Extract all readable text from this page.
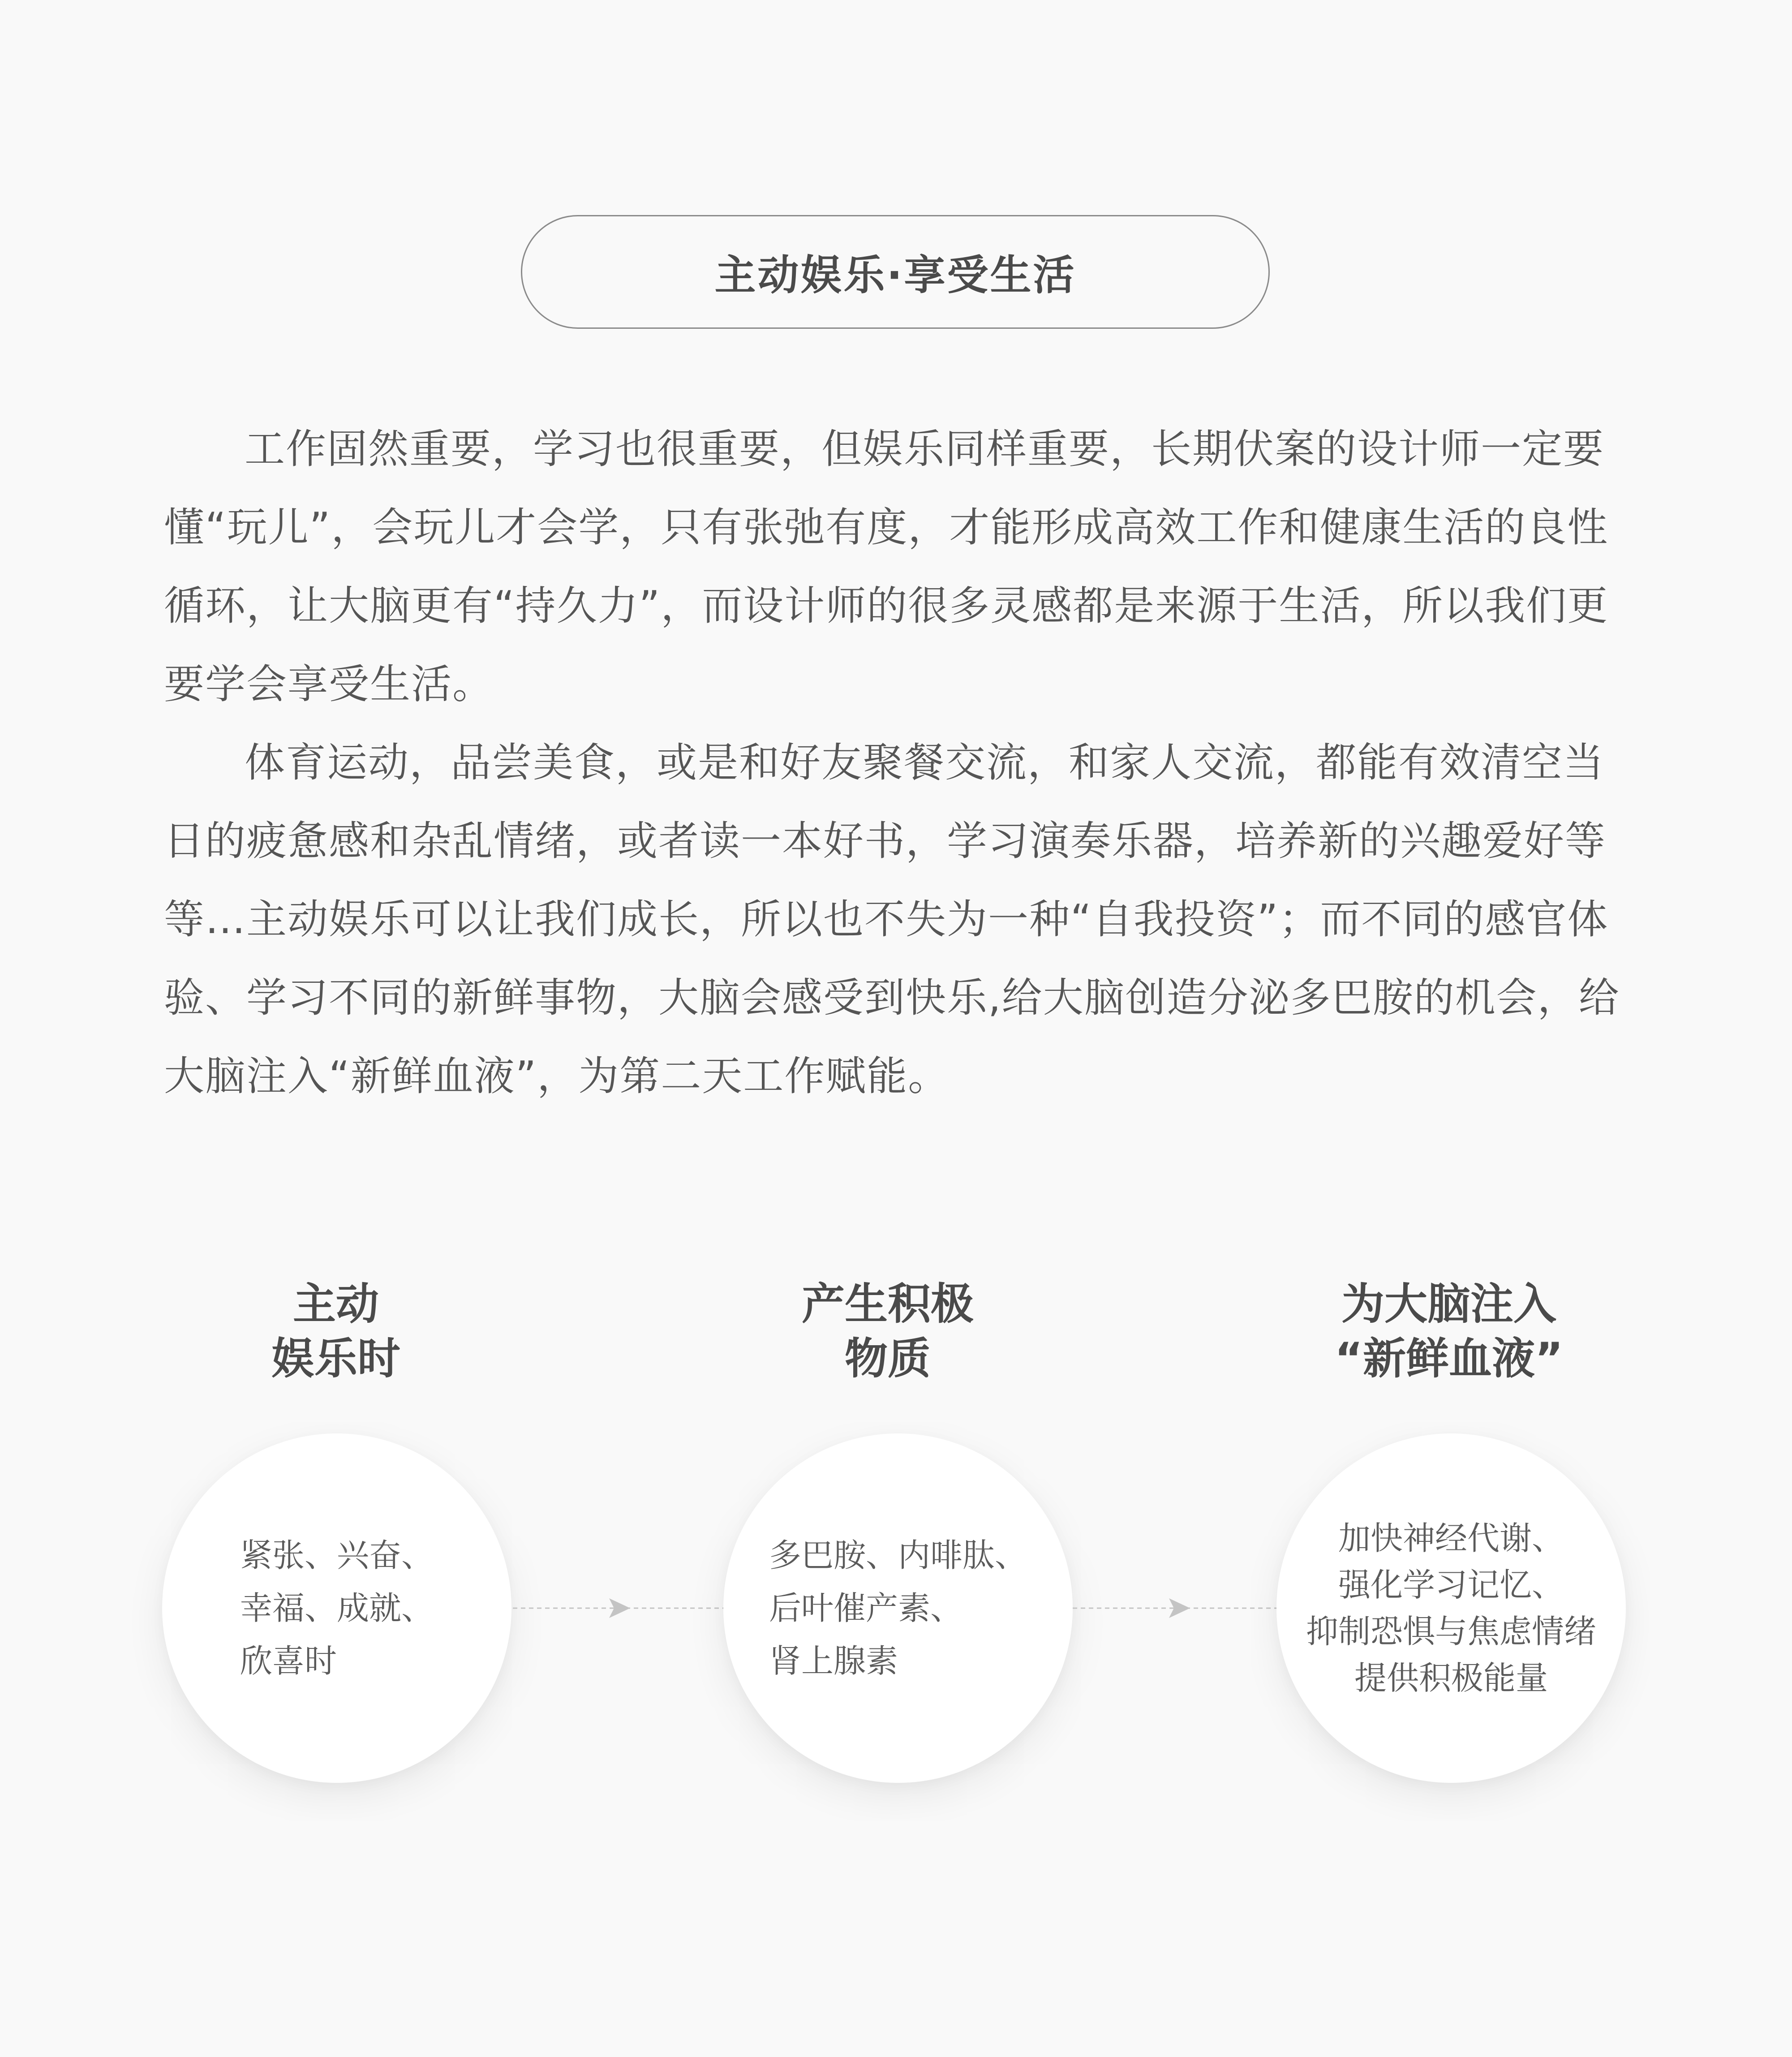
主动娱乐·享受生活

工作固然重要，学习也很重要，但娱乐同样重要，长期伏案的设计师一定要懂“玩儿”，会玩儿才会学，只有张弛有度，才能形成高效工作和健康生活的良性循环，让大脑更有“持久力”，而设计师的很多灵感都是来源于生活，所以我们更要学会享受生活。

体育运动，品尝美食，或是和好友聚餐交流，和家人交流，都能有效清空当日的疲惫感和杂乱情绪，或者读一本好书，学习演奏乐器，培养新的兴趣爱好等等…主动娱乐可以让我们成长，所以也不失为一种“自我投资”；而不同的感官体验、学习不同的新鲜事物，大脑会感受到快乐,给大脑创造分泌多巴胺的机会，给大脑注入“新鲜血液”，为第二天工作赋能。

主动
娱乐时
紧张、兴奋、
幸福、成就、
欣喜时
产生积极
物质
多巴胺、内啡肽、
后叶催产素、
肾上腺素
为大脑注入
“新鲜血液”
加快神经代谢、
强化学习记忆、
抑制恐惧与焦虑情绪
提供积极能量
